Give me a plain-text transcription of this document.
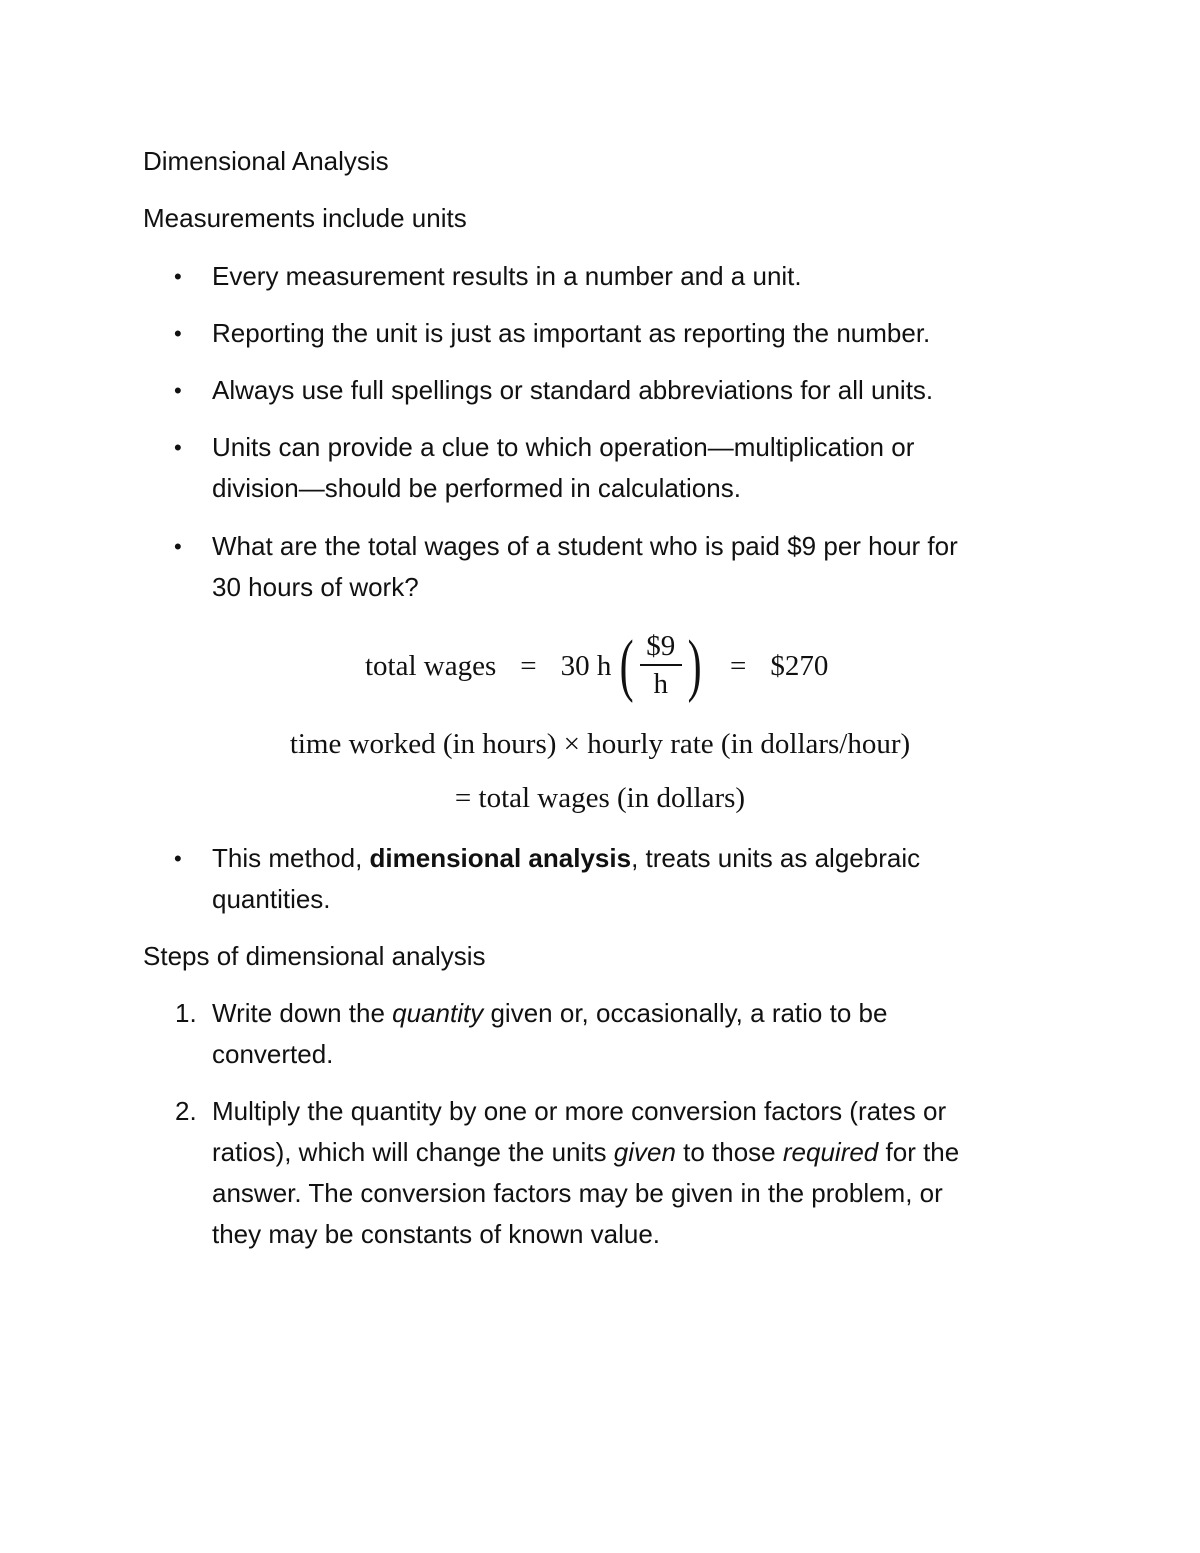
Dimensional Analysis
Measurements include units
• Every measurement results in a number and a unit.
• Reporting the unit is just as important as reporting the number.
• Always use full spellings or standard abbreviations for all units.
• Units can provide a clue to which operation—multiplication or
division—should be performed in calculations.
• What are the total wages of a student who is paid $9 per hour for
30 hours of work?
total wages = 30 h ( $\frac{\$9}{h}$ ) = $270
time worked (in hours) × hourly rate (in dollars/hour)
= total wages (in dollars)
• This method, dimensional analysis, treats units as algebraic
quantities.
Steps of dimensional analysis
1. Write down the quantity given or, occasionally, a ratio to be
converted.
2. Multiply the quantity by one or more conversion factors (rates or
ratios), which will change the units given to those required for the
answer. The conversion factors may be given in the problem, or
they may be constants of known value.
